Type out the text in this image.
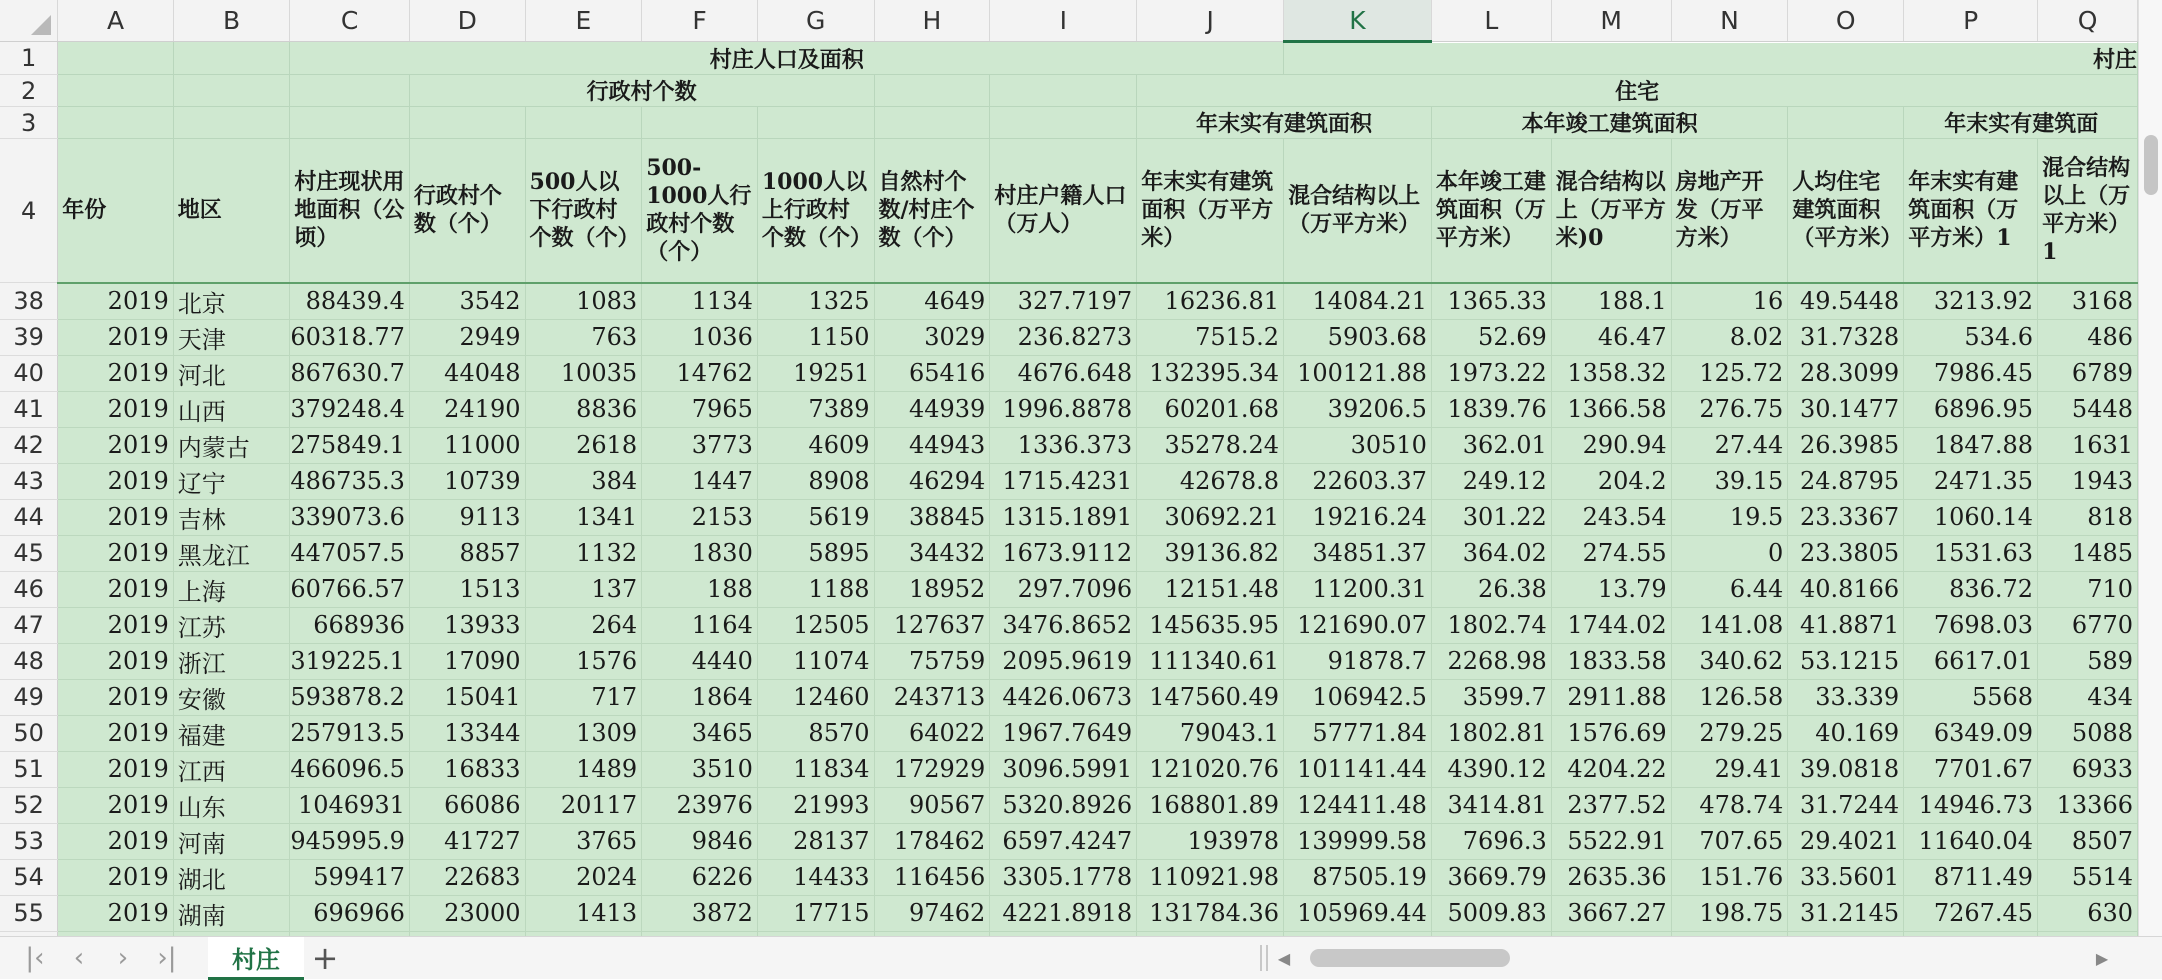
	A	B	C	D	E	F	G	H	I	J	K	L	M	N	O	P	Q
1			村庄人口及面积								村庄						
2				行政村个数						住宅							
3										年末实有建筑面积		本年竣工建筑面积				年末实有建筑面	
4	年份	地区	村庄现状用地面积（公顷）	行政村个数（个）	500人以下行政村个数（个）	500-1000人行政村个数（个）	1000人以上行政村个数（个）	自然村个数/村庄个数（个）	村庄户籍人口（万人）	年末实有建筑面积（万平方米）	混合结构以上（万平方米）	本年竣工建筑面积（万平方米）	混合结构以上（万平方米)0	房地产开发（万平方米）	人均住宅建筑面积（平方米）	年末实有建筑面积（万平方米）1	混合结构以上（万平方米）1
38	2019	北京	88439.4	3542	1083	1134	1325	4649	327.7197	16236.81	14084.21	1365.33	188.1	16	49.5448	3213.92	3168
39	2019	天津	60318.77	2949	763	1036	1150	3029	236.8273	7515.2	5903.68	52.69	46.47	8.02	31.7328	534.6	486
40	2019	河北	867630.7	44048	10035	14762	19251	65416	4676.648	132395.34	100121.88	1973.22	1358.32	125.72	28.3099	7986.45	6789
41	2019	山西	379248.4	24190	8836	7965	7389	44939	1996.8878	60201.68	39206.5	1839.76	1366.58	276.75	30.1477	6896.95	5448
42	2019	内蒙古	275849.1	11000	2618	3773	4609	44943	1336.373	35278.24	30510	362.01	290.94	27.44	26.3985	1847.88	1631
43	2019	辽宁	486735.3	10739	384	1447	8908	46294	1715.4231	42678.8	22603.37	249.12	204.2	39.15	24.8795	2471.35	1943
44	2019	吉林	339073.6	9113	1341	2153	5619	38845	1315.1891	30692.21	19216.24	301.22	243.54	19.5	23.3367	1060.14	818
45	2019	黑龙江	447057.5	8857	1132	1830	5895	34432	1673.9112	39136.82	34851.37	364.02	274.55	0	23.3805	1531.63	1485
46	2019	上海	60766.57	1513	137	188	1188	18952	297.7096	12151.48	11200.31	26.38	13.79	6.44	40.8166	836.72	710
47	2019	江苏	668936	13933	264	1164	12505	127637	3476.8652	145635.95	121690.07	1802.74	1744.02	141.08	41.8871	7698.03	6770
48	2019	浙江	319225.1	17090	1576	4440	11074	75759	2095.9619	111340.61	91878.7	2268.98	1833.58	340.62	53.1215	6617.01	589
49	2019	安徽	593878.2	15041	717	1864	12460	243713	4426.0673	147560.49	106942.5	3599.7	2911.88	126.58	33.339	5568	434
50	2019	福建	257913.5	13344	1309	3465	8570	64022	1967.7649	79043.1	57771.84	1802.81	1576.69	279.25	40.169	6349.09	5088
51	2019	江西	466096.5	16833	1489	3510	11834	172929	3096.5991	121020.76	101141.44	4390.12	4204.22	29.41	39.0818	7701.67	6933
52	2019	山东	1046931	66086	20117	23976	21993	90567	5320.8926	168801.89	124411.48	3414.81	2377.52	478.74	31.7244	14946.73	13366
53	2019	河南	945995.9	41727	3765	9846	28137	178462	6597.4247	193978	139999.58	7696.3	5522.91	707.65	29.4021	11640.04	8507
54	2019	湖北	599417	22683	2024	6226	14433	116456	3305.1778	110921.98	87505.19	3669.79	2635.36	151.76	33.5601	8711.49	5514
55	2019	湖南	696966	23000	1413	3872	17715	97462	4221.8918	131784.36	105969.44	5009.83	3667.27	198.75	31.2145	7267.45	630

|‹	‹	›	›|	村庄 +	◀	▶
